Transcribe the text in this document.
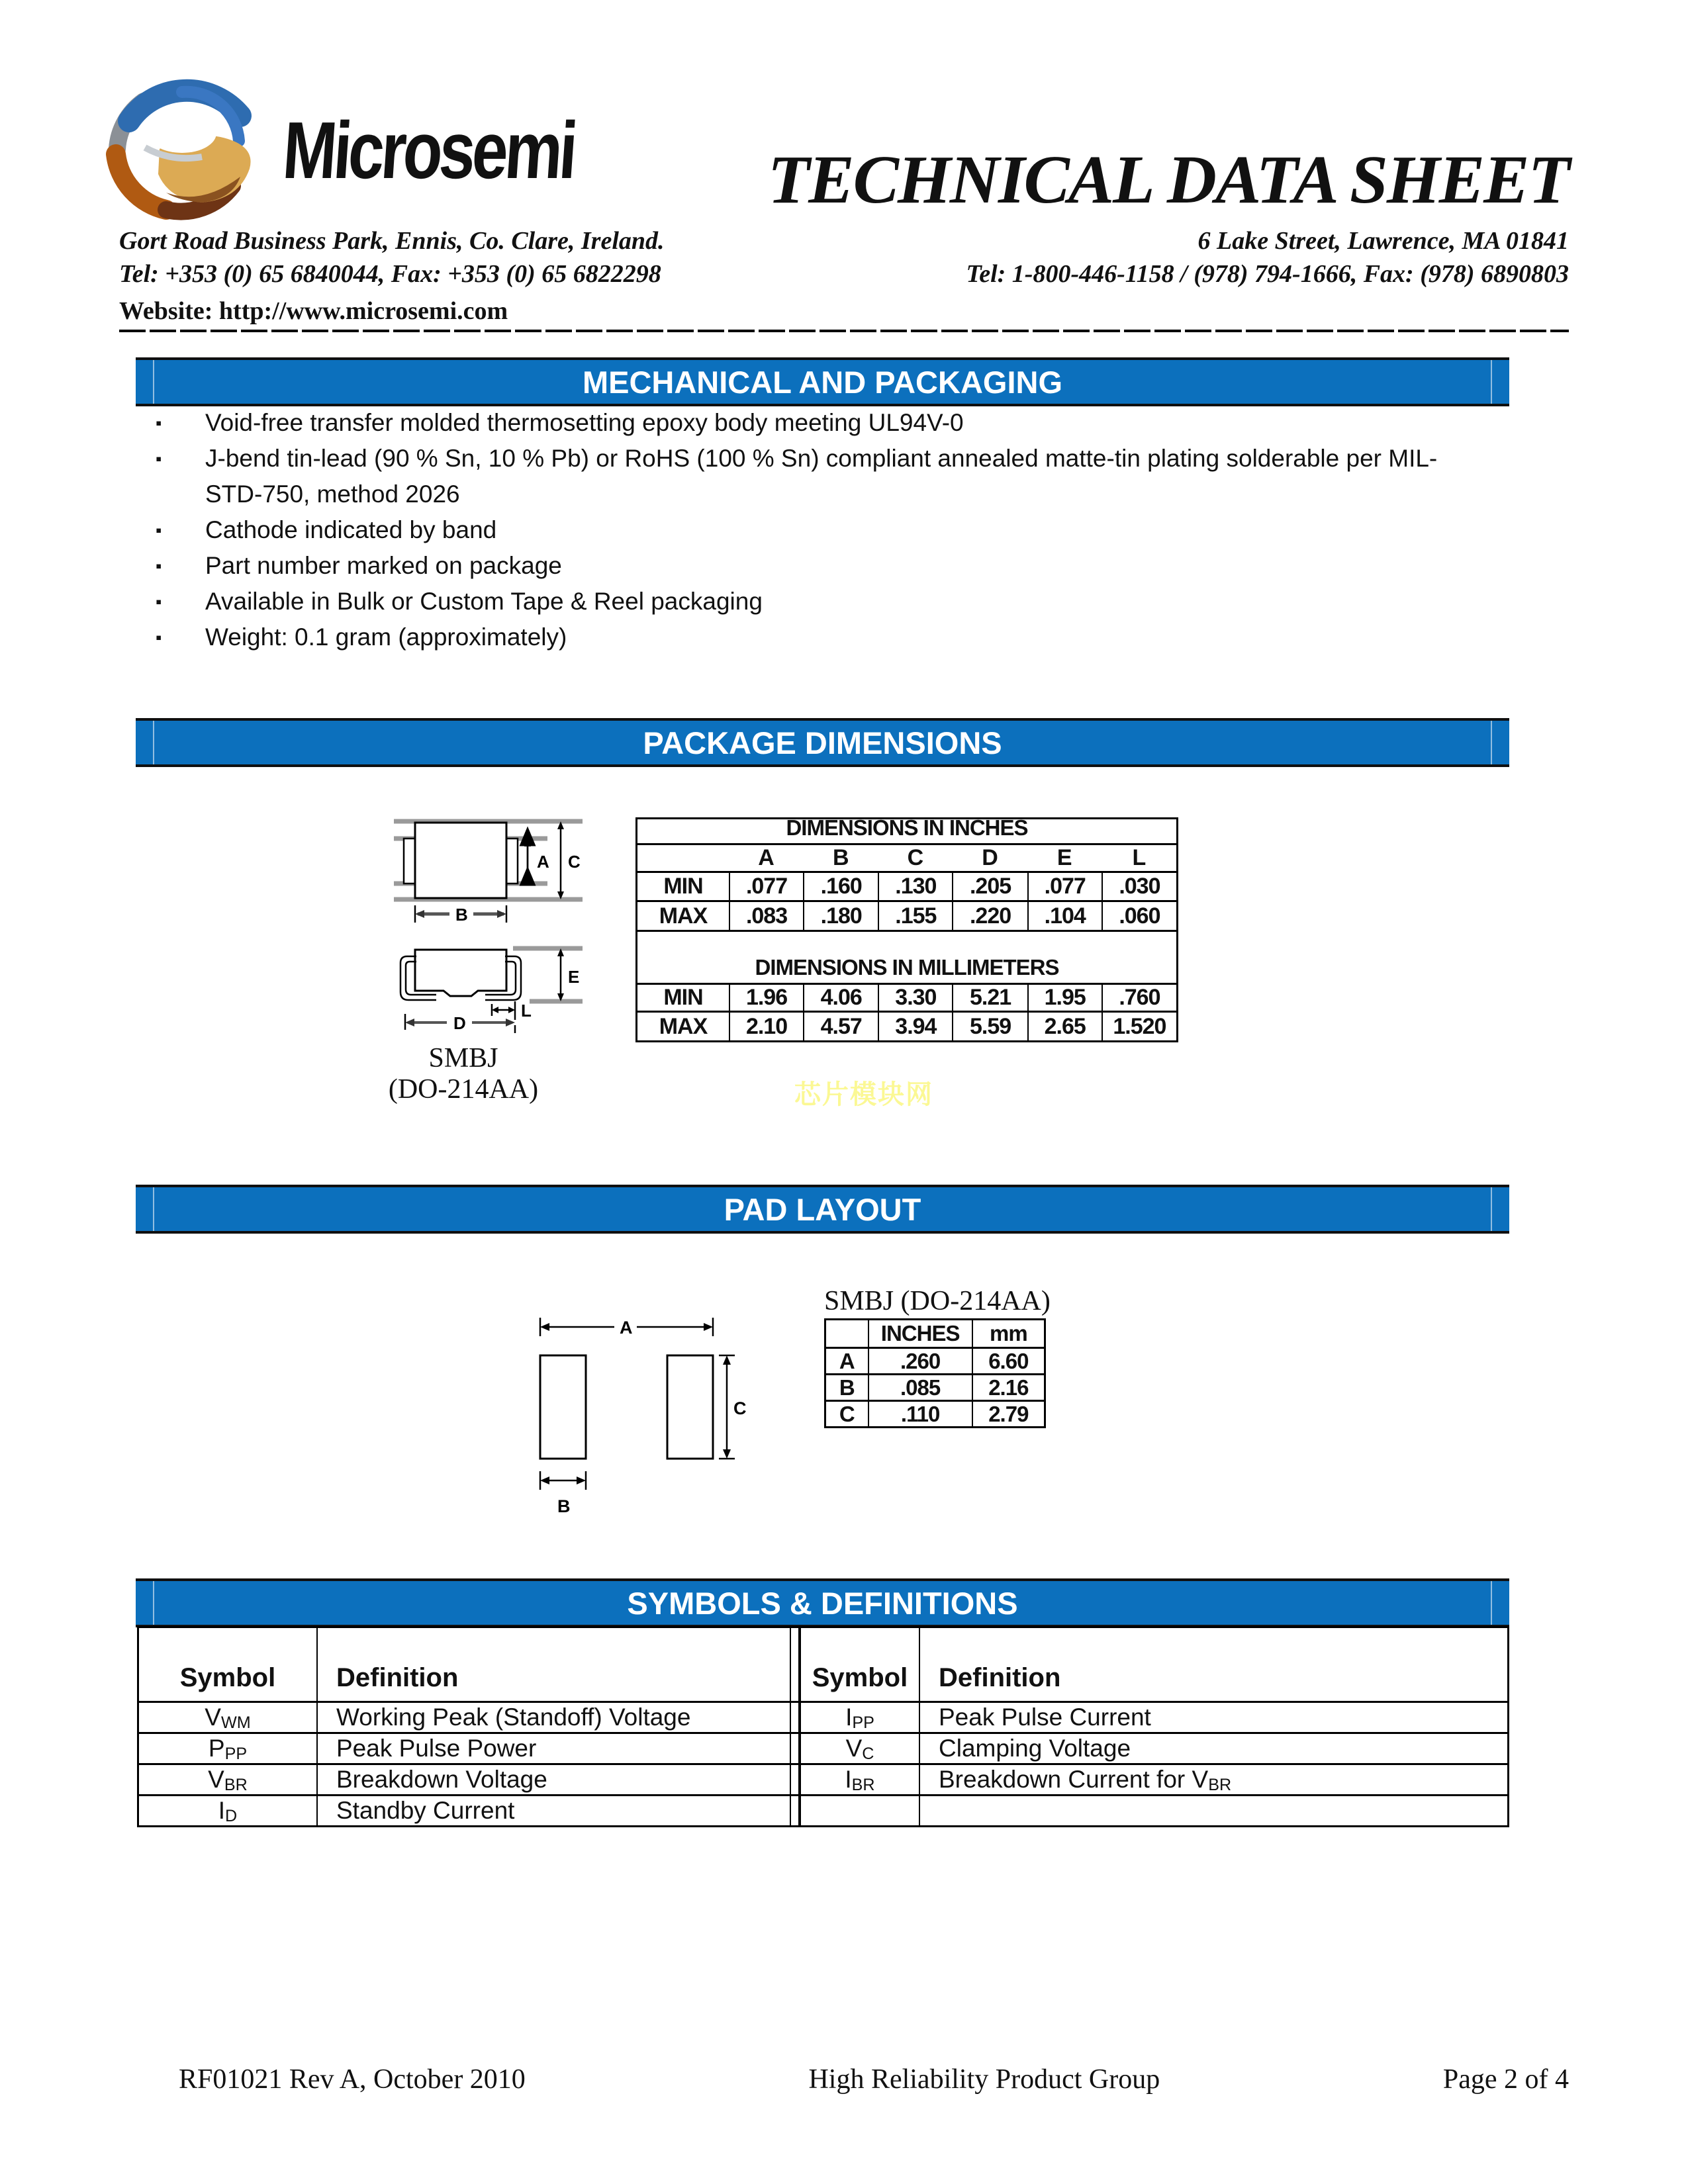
Microsemi	TECHNICAL DATA SHEET
Gort Road Business Park, Ennis, Co. Clare, Ireland.
Tel: +353 (0) 65 6840044, Fax: +353 (0) 65 6822298
6 Lake Street, Lawrence, MA 01841
Tel: 1-800-446-1158 / (978) 794-1666, Fax: (978) 6890803
Website: http://www.microsemi.com
MECHANICAL AND PACKAGING
▪	Void-free transfer molded thermosetting epoxy body meeting UL94V-0
▪	J-bend tin-lead (90 % Sn, 10 % Pb) or RoHS (100 % Sn) compliant annealed matte-tin plating solderable per MIL-STD-750, method 2026
▪	Cathode indicated by band
▪	Part number marked on package
▪	Available in Bulk or Custom Tape & Reel packaging
▪	Weight: 0.1 gram (approximately)
PACKAGE DIMENSIONS
A C
B
E
L
D
SMBJ
(DO-214AA)
DIMENSIONS IN INCHES
A	B	C	D	E	L
MIN	.077	.160	.130	.205	.077	.030
MAX	.083	.180	.155	.220	.104	.060
DIMENSIONS IN MILLIMETERS
MIN	1.96	4.06	3.30	5.21	1.95	.760
MAX	2.10	4.57	3.94	5.59	2.65	1.520
芯片模块网
PAD LAYOUT
A
C
B
SMBJ (DO-214AA)
INCHES	mm
A	.260	6.60
B	.085	2.16
C	.110	2.79
SYMBOLS & DEFINITIONS
Symbol Definition	Symbol Definition
$V_{WM}$	Working Peak (Standoff) Voltage	$I_{PP}$	Peak Pulse Current
$P_{PP}$	Peak Pulse Power	$V_C$	Clamping Voltage
$V_{BR}$	Breakdown Voltage	$I_{BR}$	Breakdown Current for $V_{BR}$
$I_D$	Standby Current
RF01021 Rev A, October 2010	High Reliability Product Group	Page 2 of 4
